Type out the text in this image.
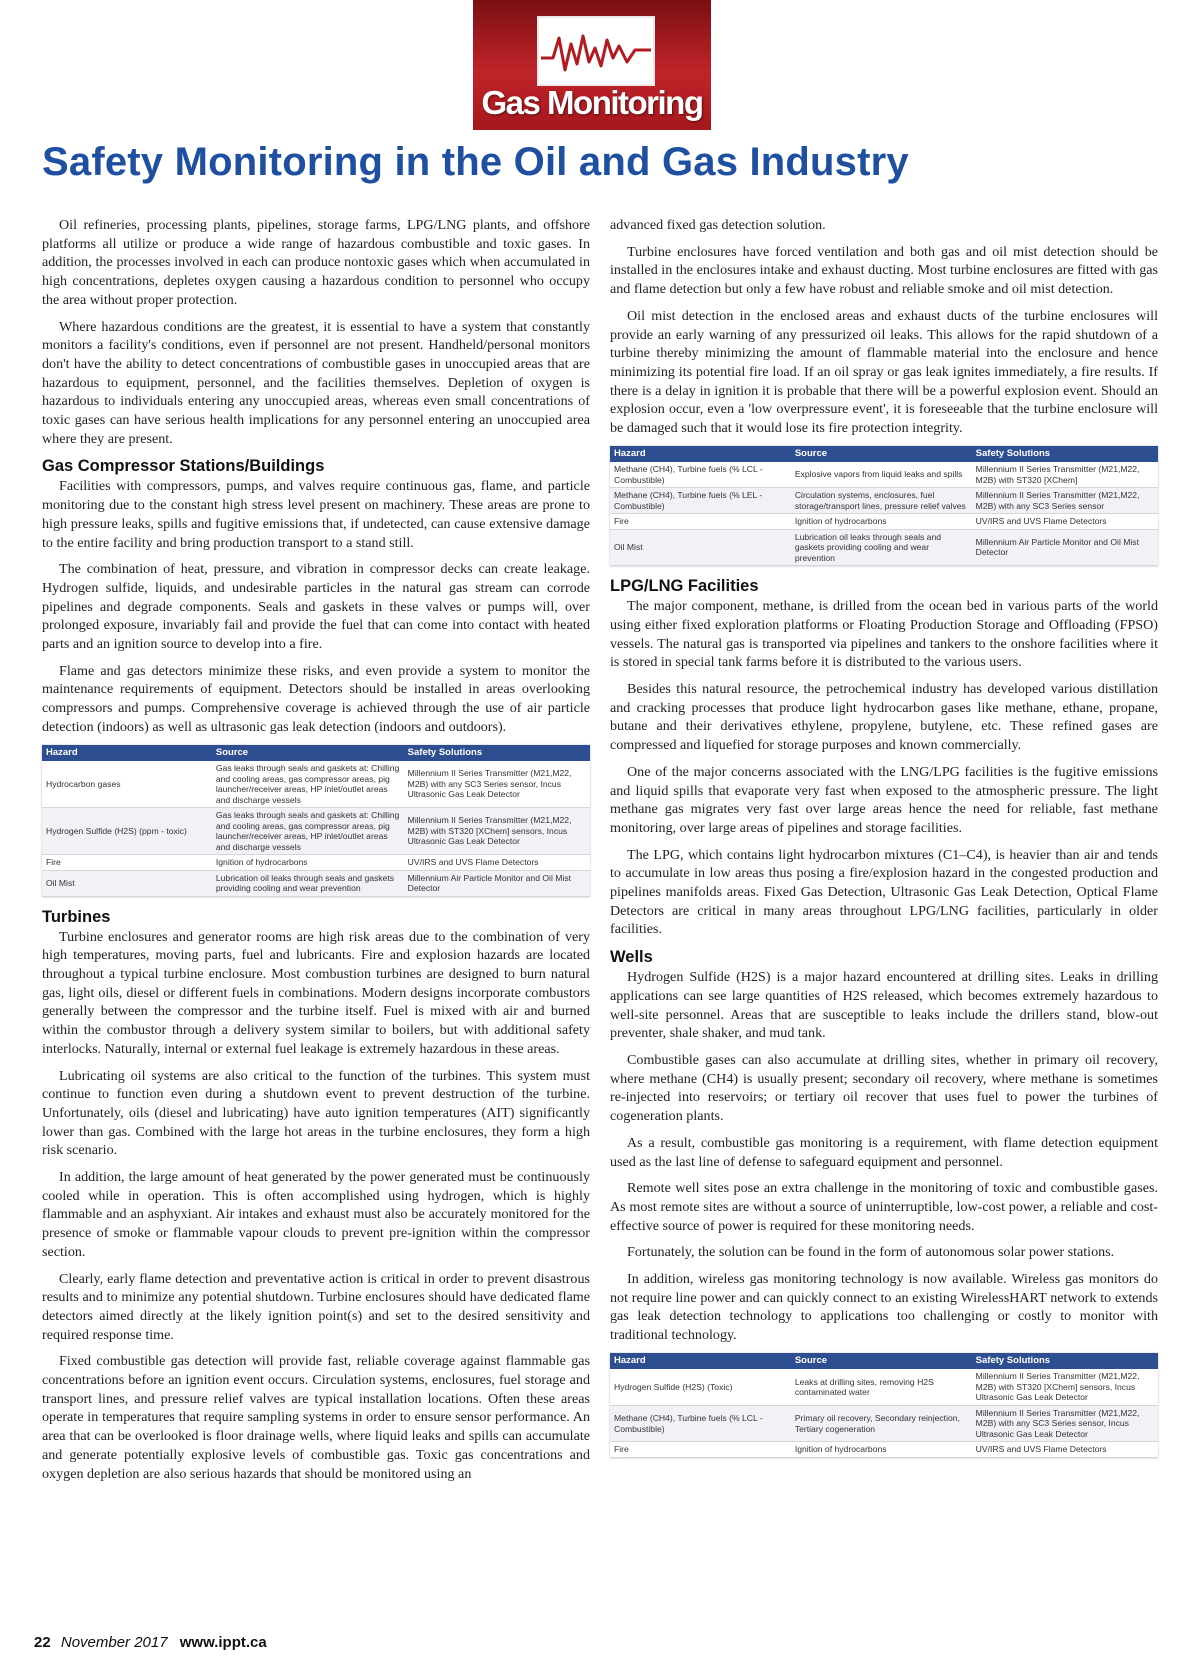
Gas Monitoring
Safety Monitoring in the Oil and Gas Industry

Oil refineries, processing plants, pipelines, storage farms, LPG/LNG plants, and offshore platforms all utilize or produce a wide range of hazardous combustible and toxic gases. In addition, the processes involved in each can produce nontoxic gases which when accumulated in high concentrations, depletes oxygen causing a hazardous condition to personnel who occupy the area without proper protection.

Where hazardous conditions are the greatest, it is essential to have a system that constantly monitors a facility's conditions, even if personnel are not present. Handheld/personal monitors don't have the ability to detect concentrations of combustible gases in unoccupied areas that are hazardous to equipment, personnel, and the facilities themselves. Depletion of oxygen is hazardous to individuals entering any unoccupied areas, whereas even small concentrations of toxic gases can have serious health implications for any personnel entering an unoccupied area where they are present.

Gas Compressor Stations/Buildings

Facilities with compressors, pumps, and valves require continuous gas, flame, and particle monitoring due to the constant high stress level present on machinery. These areas are prone to high pressure leaks, spills and fugitive emissions that, if undetected, can cause extensive damage to the entire facility and bring production transport to a stand still.

The combination of heat, pressure, and vibration in compressor decks can create leakage. Hydrogen sulfide, liquids, and undesirable particles in the natural gas stream can corrode pipelines and degrade components. Seals and gaskets in these valves or pumps will, over prolonged exposure, invariably fail and provide the fuel that can come into contact with heated parts and an ignition source to develop into a fire.

Flame and gas detectors minimize these risks, and even provide a system to monitor the maintenance requirements of equipment. Detectors should be installed in areas overlooking compressors and pumps. Comprehensive coverage is achieved through the use of air particle detection (indoors) as well as ultrasonic gas leak detection (indoors and outdoors).

Hazard	Source	Safety Solutions
Hydrocarbon gases	Gas leaks through seals and gaskets at: Chilling and cooling areas, gas compressor areas, pig launcher/receiver areas, HP inlet/outlet areas and discharge vessels	Millennium II Series Transmitter (M21,M22, M2B) with any SC3 Series sensor, Incus Ultrasonic Gas Leak Detector
Hydrogen Sulfide (H2S) (ppm - toxic)	Gas leaks through seals and gaskets at: Chilling and cooling areas, gas compressor areas, pig launcher/receiver areas, HP inlet/outlet areas and discharge vessels	Millennium II Series Transmitter (M21,M22, M2B) with ST320 [XChem] sensors, Incus Ultrasonic Gas Leak Detector
Fire	Ignition of hydrocarbons	UV/IRS and UVS Flame Detectors
Oil Mist	Lubrication oil leaks through seals and gaskets providing cooling and wear prevention	Millennium Air Particle Monitor and Oil Mist Detector
Turbines

Turbine enclosures and generator rooms are high risk areas due to the combination of very high temperatures, moving parts, fuel and lubricants. Fire and explosion hazards are located throughout a typical turbine enclosure. Most combustion turbines are designed to burn natural gas, light oils, diesel or different fuels in combinations. Modern designs incorporate combustors generally between the compressor and the turbine itself. Fuel is mixed with air and burned within the combustor through a delivery system similar to boilers, but with additional safety interlocks. Naturally, internal or external fuel leakage is extremely hazardous in these areas.

Lubricating oil systems are also critical to the function of the turbines. This system must continue to function even during a shutdown event to prevent destruction of the turbine. Unfortunately, oils (diesel and lubricating) have auto ignition temperatures (AIT) significantly lower than gas. Combined with the large hot areas in the turbine enclosures, they form a high risk scenario.

In addition, the large amount of heat generated by the power generated must be continuously cooled while in operation. This is often accomplished using hydrogen, which is highly flammable and an asphyxiant. Air intakes and exhaust must also be accurately monitored for the presence of smoke or flammable vapour clouds to prevent pre-ignition within the compressor section.

Clearly, early flame detection and preventative action is critical in order to prevent disastrous results and to minimize any potential shutdown. Turbine enclosures should have dedicated flame detectors aimed directly at the likely ignition point(s) and set to the desired sensitivity and required response time.

Fixed combustible gas detection will provide fast, reliable coverage against flammable gas concentrations before an ignition event occurs. Circulation systems, enclosures, fuel storage and transport lines, and pressure relief valves are typical installation locations. Often these areas operate in temperatures that require sampling systems in order to ensure sensor performance. An area that can be overlooked is floor drainage wells, where liquid leaks and spills can accumulate and generate potentially explosive levels of combustible gas. Toxic gas concentrations and oxygen depletion are also serious hazards that should be monitored using an

advanced fixed gas detection solution.

Turbine enclosures have forced ventilation and both gas and oil mist detection should be installed in the enclosures intake and exhaust ducting. Most turbine enclosures are fitted with gas and flame detection but only a few have robust and reliable smoke and oil mist detection.

Oil mist detection in the enclosed areas and exhaust ducts of the turbine enclosures will provide an early warning of any pressurized oil leaks. This allows for the rapid shutdown of a turbine thereby minimizing the amount of flammable material into the enclosure and hence minimizing its potential fire load. If an oil spray or gas leak ignites immediately, a fire results. If there is a delay in ignition it is probable that there will be a powerful explosion event. Should an explosion occur, even a 'low overpressure event', it is foreseeable that the turbine enclosure will be damaged such that it would lose its fire protection integrity.

Hazard	Source	Safety Solutions
Methane (CH4), Turbine fuels (% LCL - Combustible)	Explosive vapors from liquid leaks and spills	Millennium II Series Transmitter (M21,M22, M2B) with ST320 [XChem]
Methane (CH4), Turbine fuels (% LEL - Combustible)	Circulation systems, enclosures, fuel storage/transport lines, pressure relief valves	Millennium II Series Transmitter (M21,M22, M2B) with any SC3 Series sensor
Fire	Ignition of hydrocarbons	UV/IRS and UVS Flame Detectors
Oil Mist	Lubrication oil leaks through seals and gaskets providing cooling and wear prevention	Millennium Air Particle Monitor and Oil Mist Detector
LPG/LNG Facilities

The major component, methane, is drilled from the ocean bed in various parts of the world using either fixed exploration platforms or Floating Production Storage and Offloading (FPSO) vessels. The natural gas is transported via pipelines and tankers to the onshore facilities where it is stored in special tank farms before it is distributed to the various users.

Besides this natural resource, the petrochemical industry has developed various distillation and cracking processes that produce light hydrocarbon gases like methane, ethane, propane, butane and their derivatives ethylene, propylene, butylene, etc. These refined gases are compressed and liquefied for storage purposes and known commercially.

One of the major concerns associated with the LNG/LPG facilities is the fugitive emissions and liquid spills that evaporate very fast when exposed to the atmospheric pressure. The light methane gas migrates very fast over large areas hence the need for reliable, fast methane monitoring, over large areas of pipelines and storage facilities.

The LPG, which contains light hydrocarbon mixtures (C1–C4), is heavier than air and tends to accumulate in low areas thus posing a fire/explosion hazard in the congested production and pipelines manifolds areas. Fixed Gas Detection, Ultrasonic Gas Leak Detection, Optical Flame Detectors are critical in many areas throughout LPG/LNG facilities, particularly in older facilities.

Wells

Hydrogen Sulfide (H2S) is a major hazard encountered at drilling sites. Leaks in drilling applications can see large quantities of H2S released, which becomes extremely hazardous to well-site personnel. Areas that are susceptible to leaks include the drillers stand, blow-out preventer, shale shaker, and mud tank.

Combustible gases can also accumulate at drilling sites, whether in primary oil recovery, where methane (CH4) is usually present; secondary oil recovery, where methane is sometimes re-injected into reservoirs; or tertiary oil recover that uses fuel to power the turbines of cogeneration plants.

As a result, combustible gas monitoring is a requirement, with flame detection equipment used as the last line of defense to safeguard equipment and personnel.

Remote well sites pose an extra challenge in the monitoring of toxic and combustible gases. As most remote sites are without a source of uninterruptible, low-cost power, a reliable and cost-effective source of power is required for these monitoring needs.

Fortunately, the solution can be found in the form of autonomous solar power stations.

In addition, wireless gas monitoring technology is now available. Wireless gas monitors do not require line power and can quickly connect to an existing WirelessHART network to extends gas leak detection technology to applications too challenging or costly to monitor with traditional technology.

Hazard	Source	Safety Solutions
Hydrogen Sulfide (H2S) (Toxic)	Leaks at drilling sites, removing H2S contaminated water	Millennium II Series Transmitter (M21,M22, M2B) with ST320 [XChem] sensors, Incus Ultrasonic Gas Leak Detector
Methane (CH4), Turbine fuels (% LCL - Combustible)	Primary oil recovery, Secondary reinjection, Tertiary cogeneration	Millennium II Series Transmitter (M21,M22, M2B) with any SC3 Series sensor, Incus Ultrasonic Gas Leak Detector
Fire	Ignition of hydrocarbons	UV/IRS and UVS Flame Detectors
22 November 2017 www.ippt.ca
